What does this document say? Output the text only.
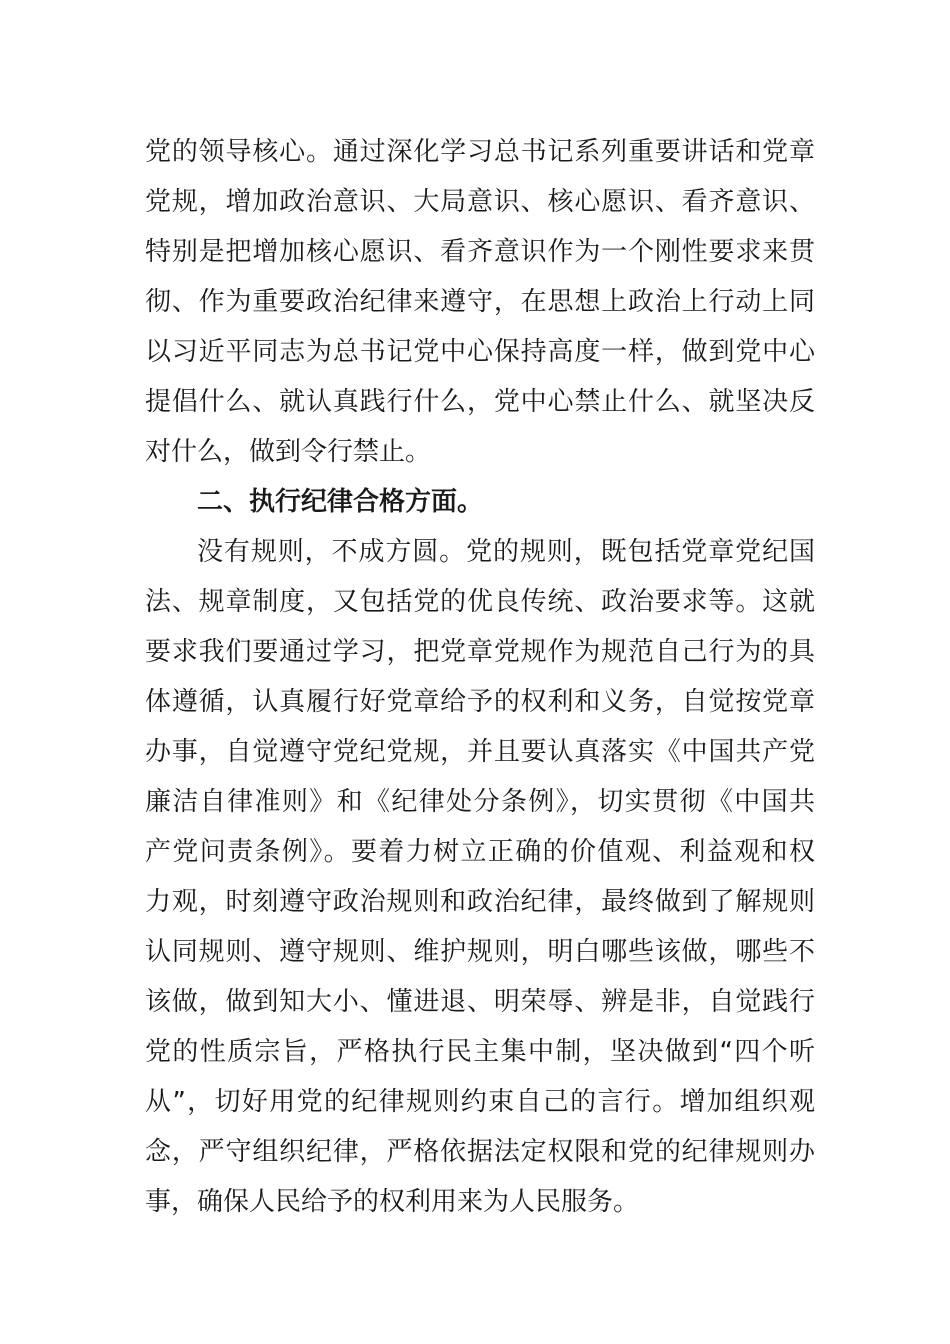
党的领导核心。通过深化学习总书记系列重要讲话和党章
党规，增加政治意识、大局意识、核心愿识、看齐意识、
特别是把增加核心愿识、看齐意识作为一个刚性要求来贯
彻、作为重要政治纪律来遵守，在思想上政治上行动上同
以习近平同志为总书记党中心保持高度一样，做到党中心
提倡什么、就认真践行什么，党中心禁止什么、就坚决反
对什么，做到令行禁止。
二、执行纪律合格方面。
没有规则，不成方圆。党的规则，既包括党章党纪国
法、规章制度，又包括党的优良传统、政治要求等。这就
要求我们要通过学习，把党章党规作为规范自己行为的具
体遵循，认真履行好党章给予的权利和义务，自觉按党章
办事，自觉遵守党纪党规，并且要认真落实《中国共产党
廉洁自律准则》和《纪律处分条例》，切实贯彻《中国共
产党问责条例》。要着力树立正确的价值观、利益观和权
力观，时刻遵守政治规则和政治纪律，最终做到了解规则
认同规则、遵守规则、维护规则，明白哪些该做，哪些不
该做，做到知大小、懂进退、明荣辱、辨是非，自觉践行
党的性质宗旨，严格执行民主集中制，坚决做到“四个听
从”，切好用党的纪律规则约束自己的言行。增加组织观
念，严守组织纪律，严格依据法定权限和党的纪律规则办
事，确保人民给予的权利用来为人民服务。
